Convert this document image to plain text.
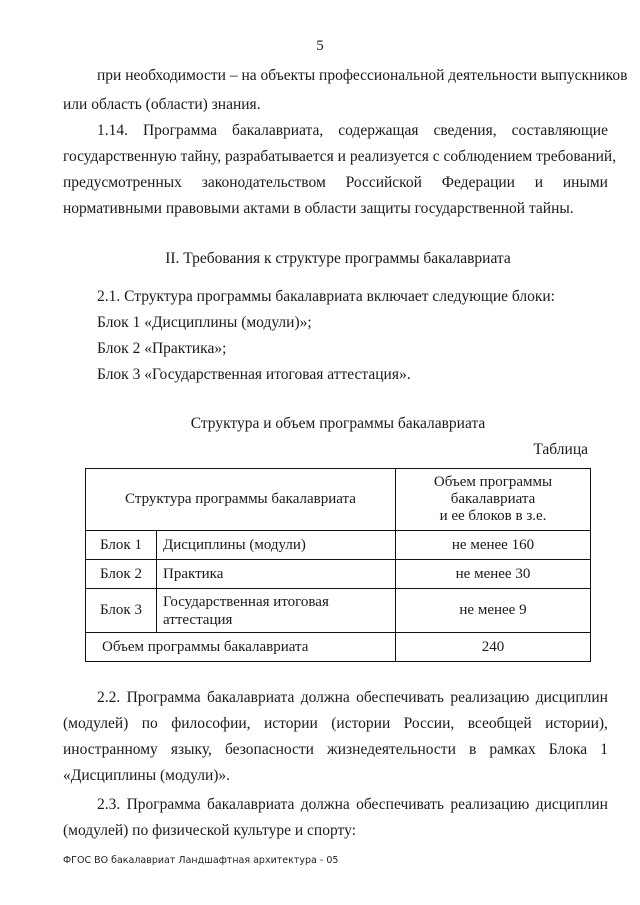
5
при необходимости – на объекты профессиональной деятельности выпускников
или область (области) знания.
1.14. Программа бакалавриата, содержащая сведения, составляющие
государственную тайну, разрабатывается и реализуется с соблюдением требований,
предусмотренных законодательством Российской Федерации и иными
нормативными правовыми актами в области защиты государственной тайны.
II. Требования к структуре программы бакалавриата
2.1. Структура программы бакалавриата включает следующие блоки:
Блок 1 «Дисциплины (модули)»;
Блок 2 «Практика»;
Блок 3 «Государственная итоговая аттестация».
Структура и объем программы бакалавриата
Таблица
Структура программы бакалавриата		Объем программы
бакалавриата
и ее блоков в з.е.

Блок 1	Дисциплины (модули)	не менее 160
Блок 2	Практика	не менее 30
Блок 3	Государственная итоговая
аттестация	не менее 9
Объем программы бакалавриата		240
2.2. Программа бакалавриата должна обеспечивать реализацию дисциплин
(модулей) по философии, истории (истории России, всеобщей истории),
иностранному языку, безопасности жизнедеятельности в рамках Блока 1
«Дисциплины (модули)».
2.3. Программа бакалавриата должна обеспечивать реализацию дисциплин
(модулей) по физической культуре и спорту:
ФГОС ВО бакалавриат Ландшафтная архитектура - 05
